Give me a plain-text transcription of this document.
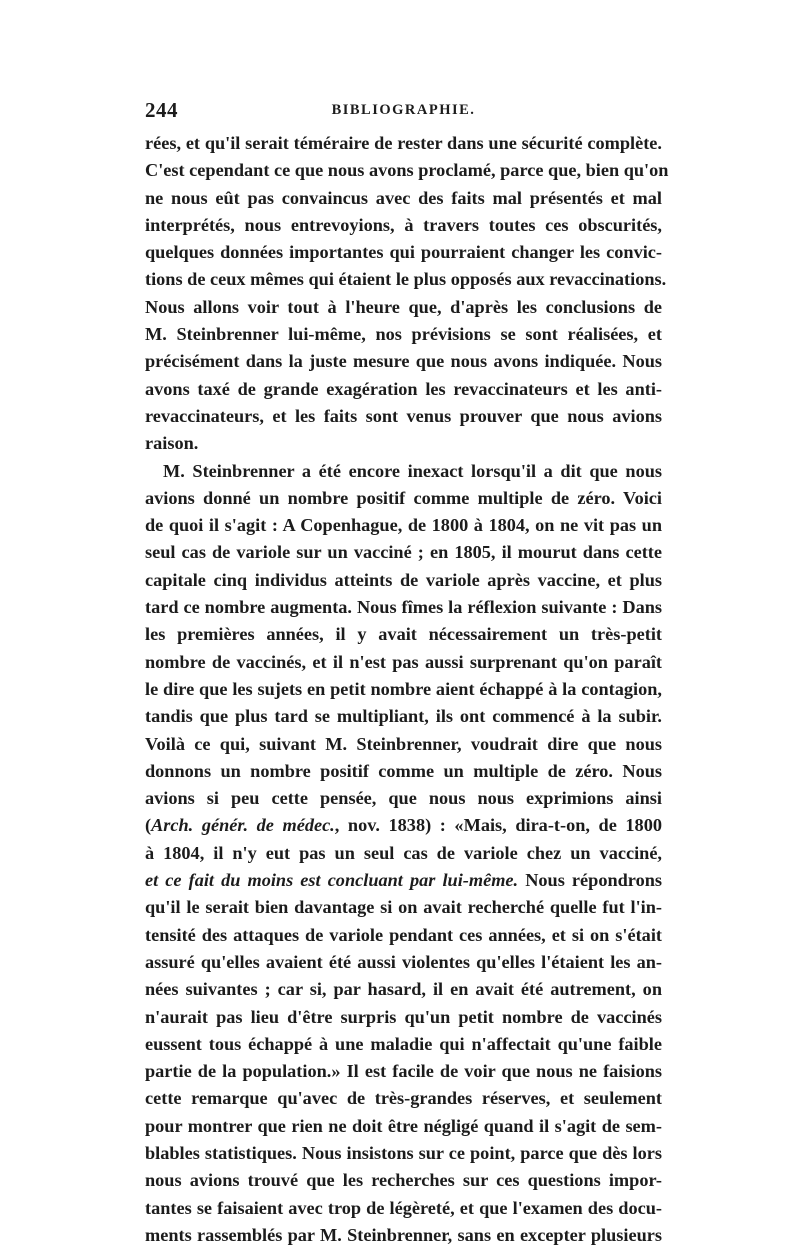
244	BIBLIOGRAPHIE.
rées, et qu'il serait téméraire de rester dans une sécurité complète.
C'est cependant ce que nous avons proclamé, parce que, bien qu'on
ne nous eût pas convaincus avec des faits mal présentés et mal
interprétés, nous entrevoyions, à travers toutes ces obscurités,
quelques données importantes qui pourraient changer les convic-
tions de ceux mêmes qui étaient le plus opposés aux revaccinations.
Nous allons voir tout à l'heure que, d'après les conclusions de
M. Steinbrenner lui-même, nos prévisions se sont réalisées, et
précisément dans la juste mesure que nous avons indiquée. Nous
avons taxé de grande exagération les revaccinateurs et les anti-
revaccinateurs, et les faits sont venus prouver que nous avions
raison.
M. Steinbrenner a été encore inexact lorsqu'il a dit que nous
avions donné un nombre positif comme multiple de zéro. Voici
de quoi il s'agit : A Copenhague, de 1800 à 1804, on ne vit pas un
seul cas de variole sur un vacciné ; en 1805, il mourut dans cette
capitale cinq individus atteints de variole après vaccine, et plus
tard ce nombre augmenta. Nous fîmes la réflexion suivante : Dans
les premières années, il y avait nécessairement un très-petit
nombre de vaccinés, et il n'est pas aussi surprenant qu'on paraît
le dire que les sujets en petit nombre aient échappé à la contagion,
tandis que plus tard se multipliant, ils ont commencé à la subir.
Voilà ce qui, suivant M. Steinbrenner, voudrait dire que nous
donnons un nombre positif comme un multiple de zéro. Nous
avions si peu cette pensée, que nous nous exprimions ainsi
(Arch. génér. de médec., nov. 1838) : «Mais, dira-t-on, de 1800
à 1804, il n'y eut pas un seul cas de variole chez un vacciné,
et ce fait du moins est concluant par lui-même. Nous répondrons
qu'il le serait bien davantage si on avait recherché quelle fut l'in-
tensité des attaques de variole pendant ces années, et si on s'était
assuré qu'elles avaient été aussi violentes qu'elles l'étaient les an-
nées suivantes ; car si, par hasard, il en avait été autrement, on
n'aurait pas lieu d'être surpris qu'un petit nombre de vaccinés
eussent tous échappé à une maladie qui n'affectait qu'une faible
partie de la population.» Il est facile de voir que nous ne faisions
cette remarque qu'avec de très-grandes réserves, et seulement
pour montrer que rien ne doit être négligé quand il s'agit de sem-
blables statistiques. Nous insistons sur ce point, parce que dès lors
nous avions trouvé que les recherches sur ces questions impor-
tantes se faisaient avec trop de légèreté, et que l'examen des docu-
ments rassemblés par M. Steinbrenner, sans en excepter plusieurs
